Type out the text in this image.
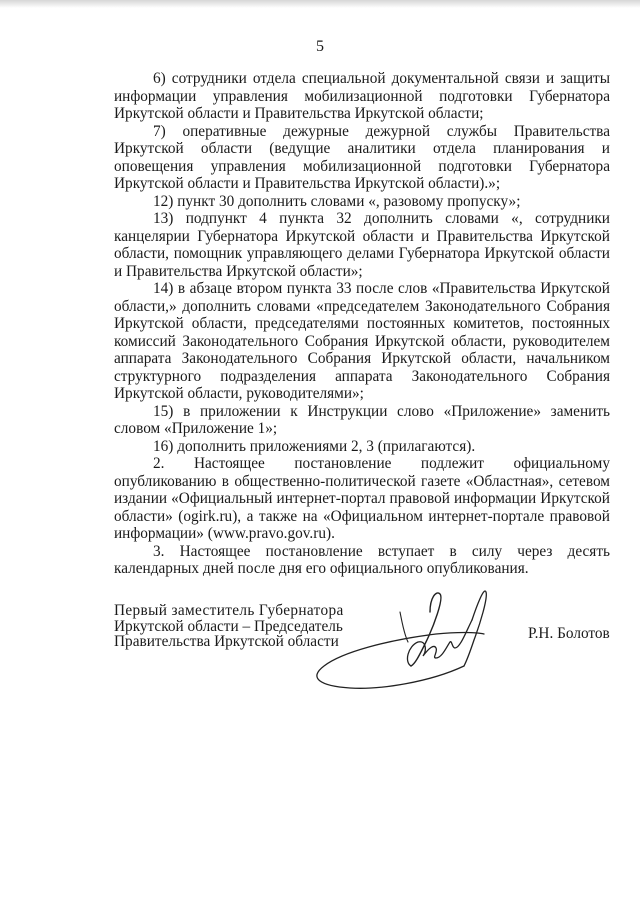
5

6) сотрудники отдела специальной документальной связи и защиты информации управления мобилизационной подготовки Губернатора Иркутской области и Правительства Иркутской области;

7) оперативные дежурные дежурной службы Правительства Иркутской области (ведущие аналитики отдела планирования и оповещения управления мобилизационной подготовки Губернатора Иркутской области и Правительства Иркутской области).»;

12) пункт 30 дополнить словами «, разовому пропуску»;

13) подпункт 4 пункта 32 дополнить словами «, сотрудники канцелярии Губернатора Иркутской области и Правительства Иркутской области, помощник управляющего делами Губернатора Иркутской области и Правительства Иркутской области»;

14) в абзаце втором пункта 33 после слов «Правительства Иркутской области,» дополнить словами «председателем Законодательного Собрания Иркутской области, председателями постоянных комитетов, постоянных комиссий Законодательного Собрания Иркутской области, руководителем аппарата Законодательного Собрания Иркутской области, начальником структурного подразделения аппарата Законодательного Собрания Иркутской области, руководителями»;

15) в приложении к Инструкции слово «Приложение» заменить словом «Приложение 1»;

16) дополнить приложениями 2, 3 (прилагаются).

2. Настоящее постановление подлежит официальному опубликованию в общественно-политической газете «Областная», сетевом издании «Официальный интернет-портал правовой информации Иркутской области» (ogirk.ru), а также на «Официальном интернет-портале правовой информации» (www.pravo.gov.ru).

3. Настоящее постановление вступает в силу через десять календарных дней после дня его официального опубликования.

Первый заместитель Губернатора
Иркутской области – Председатель
Правительства Иркутской области	Р.Н. Болотов
